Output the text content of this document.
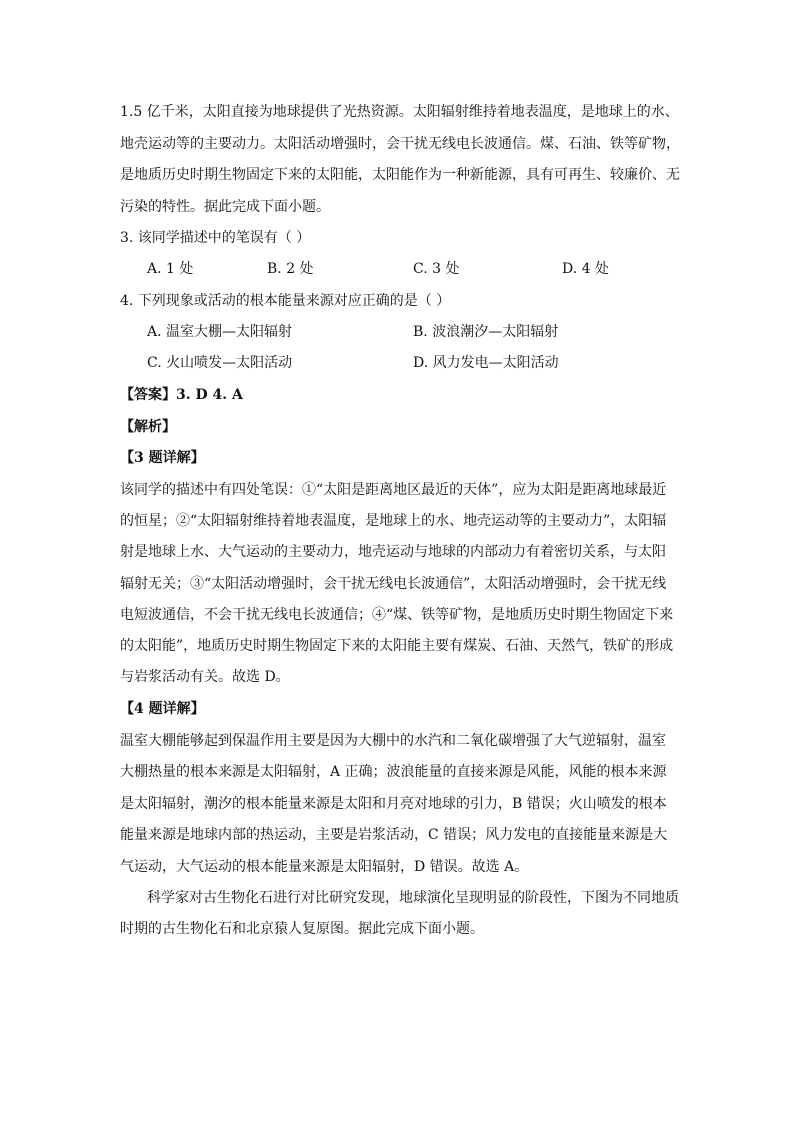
1.5 亿千米，太阳直接为地球提供了光热资源。太阳辐射维持着地表温度，是地球上的水、
地壳运动等的主要动力。太阳活动增强时，会干扰无线电长波通信。煤、石油、铁等矿物，
是地质历史时期生物固定下来的太阳能，太阳能作为一种新能源，具有可再生、较廉价、无
污染的特性。据此完成下面小题。
3. 该同学描述中的笔误有（ ）
A. 1 处	B. 2 处	C. 3 处	D. 4 处
4. 下列现象或活动的根本能量来源对应正确的是（ ）
A. 温室大棚—太阳辐射	B. 波浪潮汐—太阳辐射
C. 火山喷发—太阳活动	D. 风力发电—太阳活动
【答案】3. D 4. A
【解析】
【3 题详解】
该同学的描述中有四处笔误：①“太阳是距离地区最近的天体”，应为太阳是距离地球最近
的恒星；②“太阳辐射维持着地表温度，是地球上的水、地壳运动等的主要动力”，太阳辐
射是地球上水、大气运动的主要动力，地壳运动与地球的内部动力有着密切关系，与太阳
辐射无关；③“太阳活动增强时，会干扰无线电长波通信”，太阳活动增强时，会干扰无线
电短波通信，不会干扰无线电长波通信；④“煤、铁等矿物，是地质历史时期生物固定下来
的太阳能”，地质历史时期生物固定下来的太阳能主要有煤炭、石油、天然气，铁矿的形成
与岩浆活动有关。故选 D。
【4 题详解】
温室大棚能够起到保温作用主要是因为大棚中的水汽和二氧化碳增强了大气逆辐射，温室
大棚热量的根本来源是太阳辐射，A 正确；波浪能量的直接来源是风能，风能的根本来源
是太阳辐射，潮汐的根本能量来源是太阳和月亮对地球的引力，B 错误；火山喷发的根本
能量来源是地球内部的热运动，主要是岩浆活动，C 错误；风力发电的直接能量来源是大
气运动，大气运动的根本能量来源是太阳辐射，D 错误。故选 A。
科学家对古生物化石进行对比研究发现，地球演化呈现明显的阶段性，下图为不同地质
时期的古生物化石和北京猿人复原图。据此完成下面小题。
